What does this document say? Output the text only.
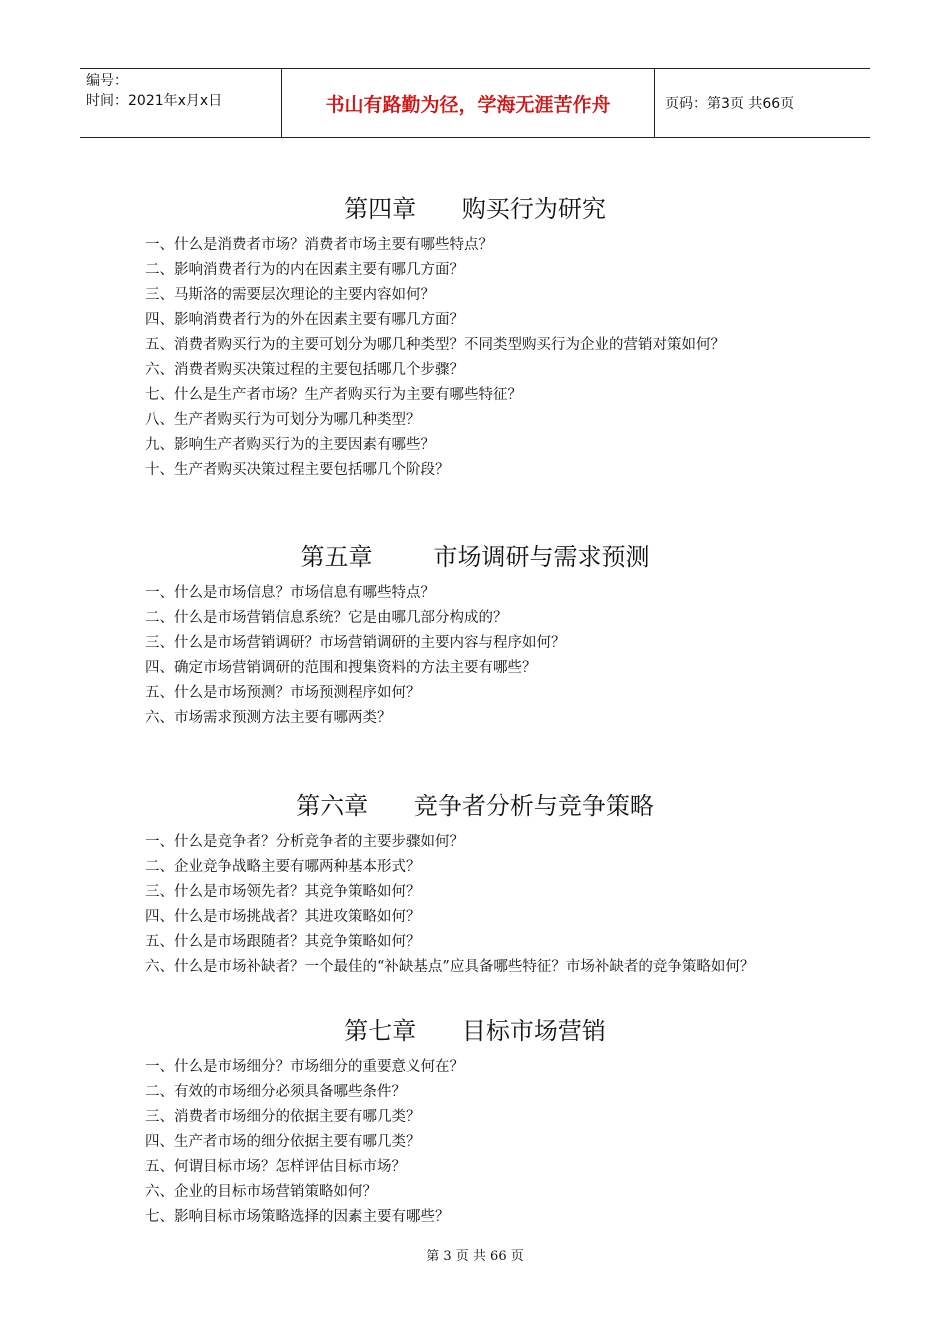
编号：
时间：2021年x月x日	书山有路勤为径，学海无涯苦作舟	页码：第3页 共66页
第四章      购买行为研究
一、什么是消费者市场？消费者市场主要有哪些特点？
二、影响消费者行为的内在因素主要有哪几方面？
三、马斯洛的需要层次理论的主要内容如何？
四、影响消费者行为的外在因素主要有哪几方面？
五、消费者购买行为的主要可划分为哪几种类型？不同类型购买行为企业的营销对策如何？
六、消费者购买决策过程的主要包括哪几个步骤？
七、什么是生产者市场？生产者购买行为主要有哪些特征？
八、生产者购买行为可划分为哪几种类型？
九、影响生产者购买行为的主要因素有哪些？
十、生产者购买决策过程主要包括哪几个阶段？
第五章        市场调研与需求预测
一、什么是市场信息？市场信息有哪些特点？
二、什么是市场营销信息系统？它是由哪几部分构成的？
三、什么是市场营销调研？市场营销调研的主要内容与程序如何？
四、确定市场营销调研的范围和搜集资料的方法主要有哪些？
五、什么是市场预测？市场预测程序如何？
六、市场需求预测方法主要有哪两类？
第六章      竞争者分析与竞争策略
一、什么是竞争者？分析竞争者的主要步骤如何？
二、企业竞争战略主要有哪两种基本形式？
三、什么是市场领先者？其竞争策略如何？
四、什么是市场挑战者？其进攻策略如何？
五、什么是市场跟随者？其竞争策略如何？
六、什么是市场补缺者？一个最佳的“补缺基点”应具备哪些特征？市场补缺者的竞争策略如何？
第七章      目标市场营销
一、什么是市场细分？市场细分的重要意义何在？
二、有效的市场细分必须具备哪些条件？
三、消费者市场细分的依据主要有哪几类？
四、生产者市场的细分依据主要有哪几类？
五、何谓目标市场？怎样评估目标市场？
六、企业的目标市场营销策略如何？
七、影响目标市场策略选择的因素主要有哪些？
第 3 页 共 66 页
